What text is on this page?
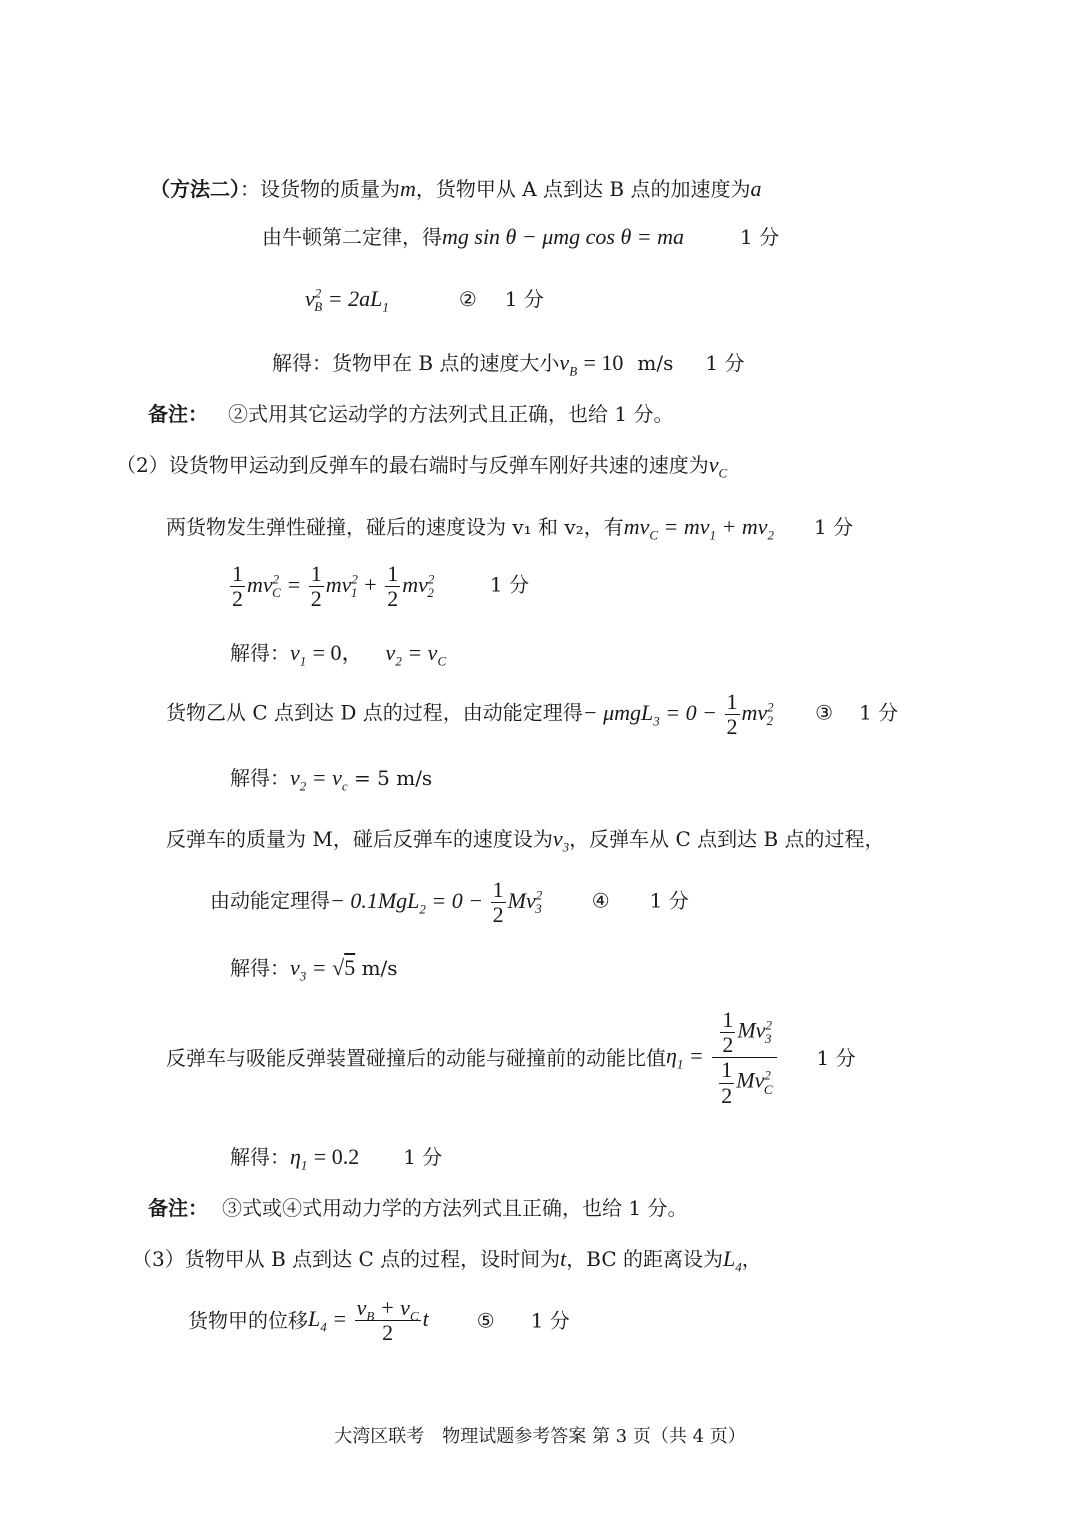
（方法二）：设货物的质量为m，货物甲从 A 点到达 B 点的加速度为a
由牛顿第二定律，得mg sin θ − μmg cos θ = ma	1 分
$v^2_B = 2aL_1$	② 1 分
解得：货物甲在 B 点的速度大小$v_B = 10$ m/s 1 分
备注： ②式用其它运动学的方法列式且正确，也给 1 分。
（2）设货物甲运动到反弹车的最右端时与反弹车刚好共速的速度为$v_C$
两货物发生弹性碰撞，碰后的速度设为 v₁ 和 v₂，有$mv_C = mv_1 + mv_2$ 1 分
$\frac{1}{2} mv^2_C = \frac{1}{2} mv^2_1 + \frac{1}{2} mv^2_2$	1 分
解得：$v_1 = 0$， $v_2 = v_C$
货物乙从 C 点到达 D 点的过程，由动能定理得− $\mu mgL_3 = 0 - \frac{1}{2} mv^2_2$ ③ 1 分
解得：$v_2 = v_c = 5$ m/s
反弹车的质量为 M，碰后反弹车的速度设为$v_3$，反弹车从 C 点到达 B 点的过程，
由动能定理得− $0.1MgL_2 = 0 - \frac{1}{2} Mv^2_3$	④ 1 分
解得：$v_3 = √5$ m/s
反弹车与吸能反弹装置碰撞后的动能与碰撞前的动能比值$\eta_1 = \frac{\frac{1}{2} Mv^2_3}{\frac{1}{2} Mv^2_C} 1$ 分
解得：$\eta_1 = 0.2$ 1 分
备注： ③式或④式用动力学的方法列式且正确，也给 1 分。
（3）货物甲从 B 点到达 C 点的过程，设时间为t，BC 的距离设为$L_4$，
货物甲的位移$L_4 = \frac{v_B + v_C}{2}$ t ⑤ 1 分
大湾区联考　物理试题参考答案 第 3 页（共 4 页）
